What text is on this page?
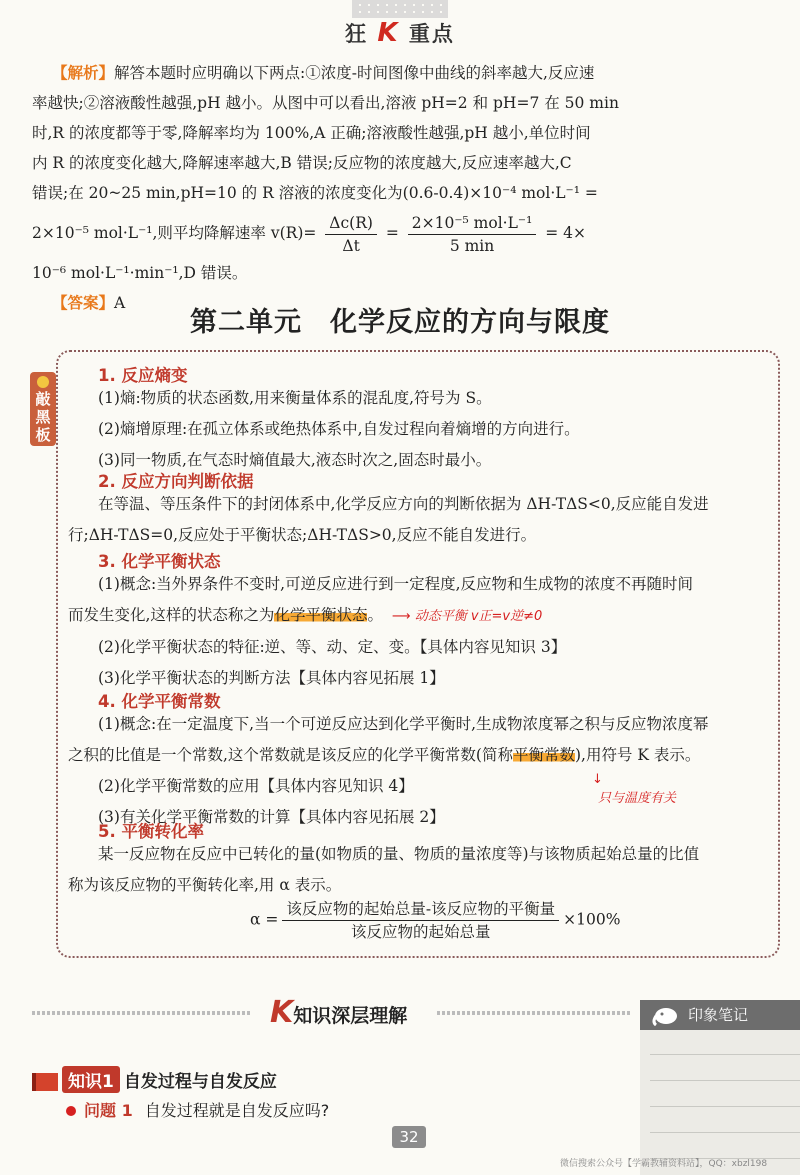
狂 K 重点
【解析】解答本题时应明确以下两点:①浓度-时间图像中曲线的斜率越大,反应速
率越快;②溶液酸性越强,pH 越小。从图中可以看出,溶液 pH=2 和 pH=7 在 50 min
时,R 的浓度都等于零,降解率均为 100%,A 正确;溶液酸性越强,pH 越小,单位时间
内 R 的浓度变化越大,降解速率越大,B 错误;反应物的浓度越大,反应速率越大,C
错误;在 20~25 min,pH=10 的 R 溶液的浓度变化为(0.6-0.4)×10⁻⁴ mol·L⁻¹ =
2×10⁻⁵ mol·L⁻¹,则平均降解速率 $v(R)= \frac{\Delta c(R)}{\Delta t} = \frac{\text{2×10⁻⁵ mol·L⁻¹}}{5 \min} = 4\times$
10⁻⁶ mol·L⁻¹·min⁻¹,D 错误。
【答案】A
第二单元　化学反应的方向与限度
敲黑板
1. 反应熵变
(1)熵:物质的状态函数,用来衡量体系的混乱度,符号为 S。
(2)熵增原理:在孤立体系或绝热体系中,自发过程向着熵增的方向进行。
(3)同一物质,在气态时熵值最大,液态时次之,固态时最小。
2. 反应方向判断依据
在等温、等压条件下的封闭体系中,化学反应方向的判断依据为 ΔH-TΔS<0,反应能自发进
行;ΔH-TΔS=0,反应处于平衡状态;ΔH-TΔS>0,反应不能自发进行。
3. 化学平衡状态
(1)概念:当外界条件不变时,可逆反应进行到一定程度,反应物和生成物的浓度不再随时间
而发生变化,这样的状态称之为化学平衡状态。 ⟶ 动态平衡 v正=v逆≠0
(2)化学平衡状态的特征:逆、等、动、定、变。【具体内容见知识 3】
(3)化学平衡状态的判断方法【具体内容见拓展 1】
4. 化学平衡常数
(1)概念:在一定温度下,当一个可逆反应达到化学平衡时,生成物浓度幂之积与反应物浓度幂
之积的比值是一个常数,这个常数就是该反应的化学平衡常数(简称平衡常数),用符号 K 表示。
(2)化学平衡常数的应用【具体内容见知识 4】
(3)有关化学平衡常数的计算【具体内容见拓展 2】
↓
只与温度有关
5. 平衡转化率
某一反应物在反应中已转化的量(如物质的量、物质的量浓度等)与该物质起始总量的比值
称为该反应物的平衡转化率,用 α 表示。
$\alpha = \frac{\text{该反应物的起始总量-该反应物的平衡量}}{\text{该反应物的起始总量}} \times 100\%$
K知识深层理解	印象笔记
知识1 自发过程与自发反应
问题 1 自发过程就是自发反应吗?
32
微信搜索公众号【学霸教辅资料站】，QQ：xbzl198
